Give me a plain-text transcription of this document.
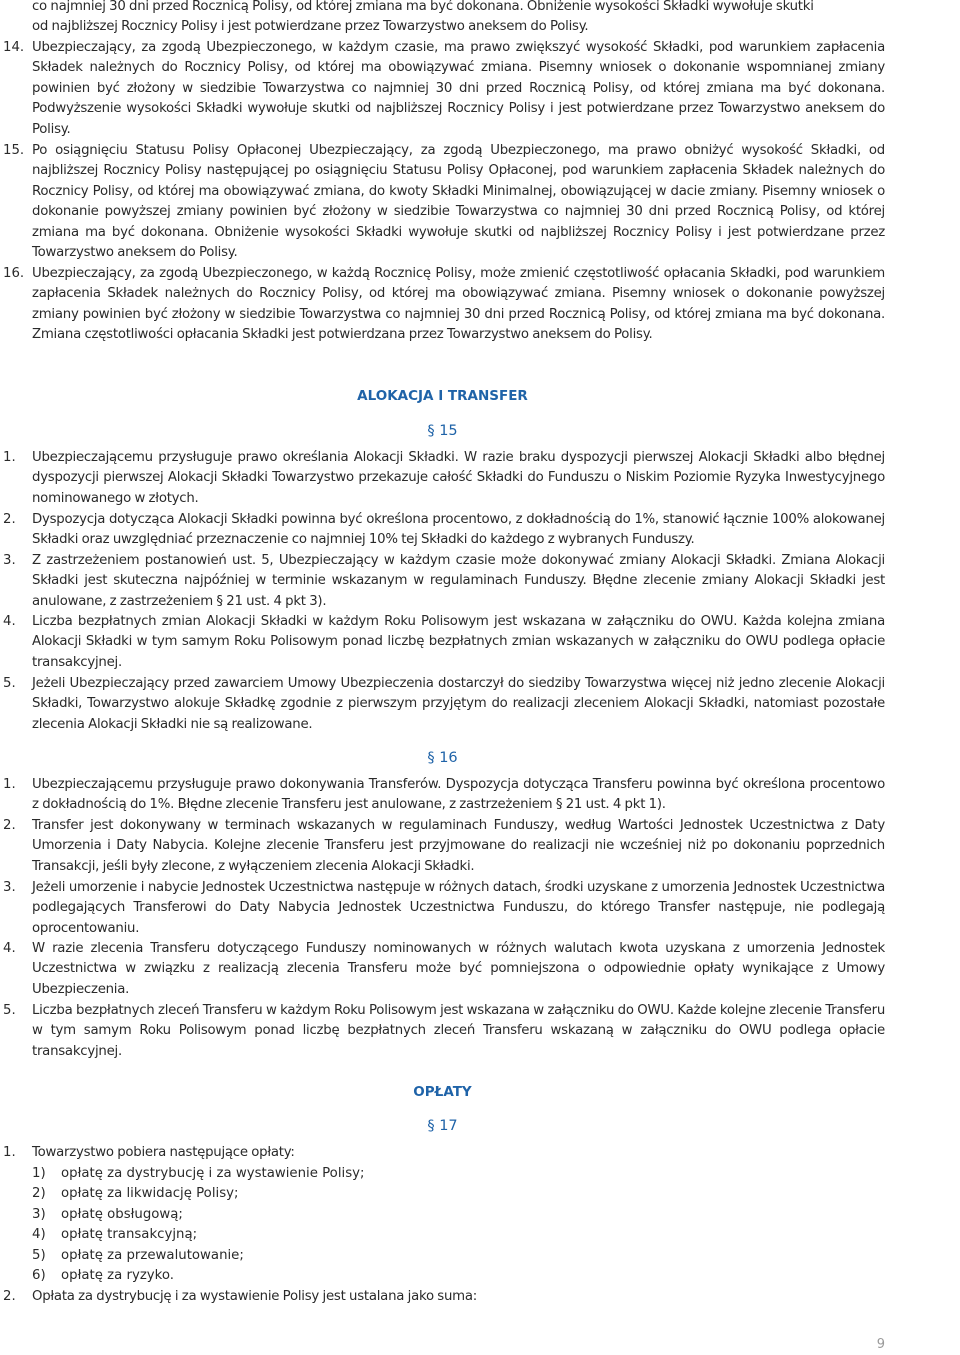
co najmniej 30 dni przed Rocznicą Polisy, od której zmiana ma być dokonana. Obniżenie wysokości Składki wywołuje skutki
od najbliższej Rocznicy Polisy i jest potwierdzane przez Towarzystwo aneksem do Polisy.
14. Ubezpieczający, za zgodą Ubezpieczonego, w każdym czasie, ma prawo zwiększyć wysokość Składki, pod warunkiem zapłacenia Składek należnych do Rocznicy Polisy, od której ma obowiązywać zmiana. Pisemny wniosek o dokonanie wspomnianej zmiany powinien być złożony w siedzibie Towarzystwa co najmniej 30 dni przed Rocznicą Polisy, od której zmiana ma być dokonana. Podwyższenie wysokości Składki wywołuje skutki od najbliższej Rocznicy Polisy i jest potwierdzane przez Towarzystwo aneksem do Polisy.
15. Po osiągnięciu Statusu Polisy Opłaconej Ubezpieczający, za zgodą Ubezpieczonego, ma prawo obniżyć wysokość Składki, od najbliższej Rocznicy Polisy następującej po osiągnięciu Statusu Polisy Opłaconej, pod warunkiem zapłacenia Składek należnych do Rocznicy Polisy, od której ma obowiązywać zmiana, do kwoty Składki Minimalnej, obowiązującej w dacie zmiany. Pisemny wniosek o dokonanie powyższej zmiany powinien być złożony w siedzibie Towarzystwa co najmniej 30 dni przed Rocznicą Polisy, od której zmiana ma być dokonana. Obniżenie wysokości Składki wywołuje skutki od najbliższej Rocznicy Polisy i jest potwierdzane przez Towarzystwo aneksem do Polisy.
16. Ubezpieczający, za zgodą Ubezpieczonego, w każdą Rocznicę Polisy, może zmienić częstotliwość opłacania Składki, pod warunkiem zapłacenia Składek należnych do Rocznicy Polisy, od której ma obowiązywać zmiana. Pisemny wniosek o dokonanie powyższej zmiany powinien być złożony w siedzibie Towarzystwa co najmniej 30 dni przed Rocznicą Polisy, od której zmiana ma być dokonana. Zmiana częstotliwości opłacania Składki jest potwierdzana przez Towarzystwo aneksem do Polisy.
ALOKACJA I TRANSFER
§ 15
1.	Ubezpieczającemu przysługuje prawo określania Alokacji Składki. W razie braku dyspozycji pierwszej Alokacji Składki albo błędnej dyspozycji pierwszej Alokacji Składki Towarzystwo przekazuje całość Składki do Funduszu o Niskim Poziomie Ryzyka Inwestycyjnego nominowanego w złotych.
2.	Dyspozycja dotycząca Alokacji Składki powinna być określona procentowo, z dokładnością do 1%, stanowić łącznie 100% alokowanej Składki oraz uwzględniać przeznaczenie co najmniej 10% tej Składki do każdego z wybranych Funduszy.
3.	Z zastrzeżeniem postanowień ust. 5, Ubezpieczający w każdym czasie może dokonywać zmiany Alokacji Składki. Zmiana Alokacji Składki jest skuteczna najpóźniej w terminie wskazanym w regulaminach Funduszy. Błędne zlecenie zmiany Alokacji Składki jest anulowane, z zastrzeżeniem § 21 ust. 4 pkt 3).
4.	Liczba bezpłatnych zmian Alokacji Składki w każdym Roku Polisowym jest wskazana w załączniku do OWU. Każda kolejna zmiana Alokacji Składki w tym samym Roku Polisowym ponad liczbę bezpłatnych zmian wskazanych w załączniku do OWU podlega opłacie transakcyjnej.
5.	Jeżeli Ubezpieczający przed zawarciem Umowy Ubezpieczenia dostarczył do siedziby Towarzystwa więcej niż jedno zlecenie Alokacji Składki, Towarzystwo alokuje Składkę zgodnie z pierwszym przyjętym do realizacji zleceniem Alokacji Składki, natomiast pozostałe zlecenia Alokacji Składki nie są realizowane.
§ 16
1.	Ubezpieczającemu przysługuje prawo dokonywania Transferów. Dyspozycja dotycząca Transferu powinna być określona procentowo z dokładnością do 1%. Błędne zlecenie Transferu jest anulowane, z zastrzeżeniem § 21 ust. 4 pkt 1).
2.	Transfer jest dokonywany w terminach wskazanych w regulaminach Funduszy, według Wartości Jednostek Uczestnictwa z Daty Umorzenia i Daty Nabycia. Kolejne zlecenie Transferu jest przyjmowane do realizacji nie wcześniej niż po dokonaniu poprzednich Transakcji, jeśli były zlecone, z wyłączeniem zlecenia Alokacji Składki.
3.	Jeżeli umorzenie i nabycie Jednostek Uczestnictwa następuje w różnych datach, środki uzyskane z umorzenia Jednostek Uczestnictwa podlegających Transferowi do Daty Nabycia Jednostek Uczestnictwa Funduszu, do którego Transfer następuje, nie podlegają oprocentowaniu.
4.	W razie zlecenia Transferu dotyczącego Funduszy nominowanych w różnych walutach kwota uzyskana z umorzenia Jednostek Uczestnictwa w związku z realizacją zlecenia Transferu może być pomniejszona o odpowiednie opłaty wynikające z Umowy Ubezpieczenia.
5.	Liczba bezpłatnych zleceń Transferu w każdym Roku Polisowym jest wskazana w załączniku do OWU. Każde kolejne zlecenie Transferu w tym samym Roku Polisowym ponad liczbę bezpłatnych zleceń Transferu wskazaną w załączniku do OWU podlega opłacie transakcyjnej.
OPŁATY
§ 17
1.	Towarzystwo pobiera następujące opłaty:
1) opłatę za dystrybucję i za wystawienie Polisy;
2) opłatę za likwidację Polisy;
3) opłatę obsługową;
4) opłatę transakcyjną;
5) opłatę za przewalutowanie;
6) opłatę za ryzyko.
2.	Opłata za dystrybucję i za wystawienie Polisy jest ustalana jako suma:
9
